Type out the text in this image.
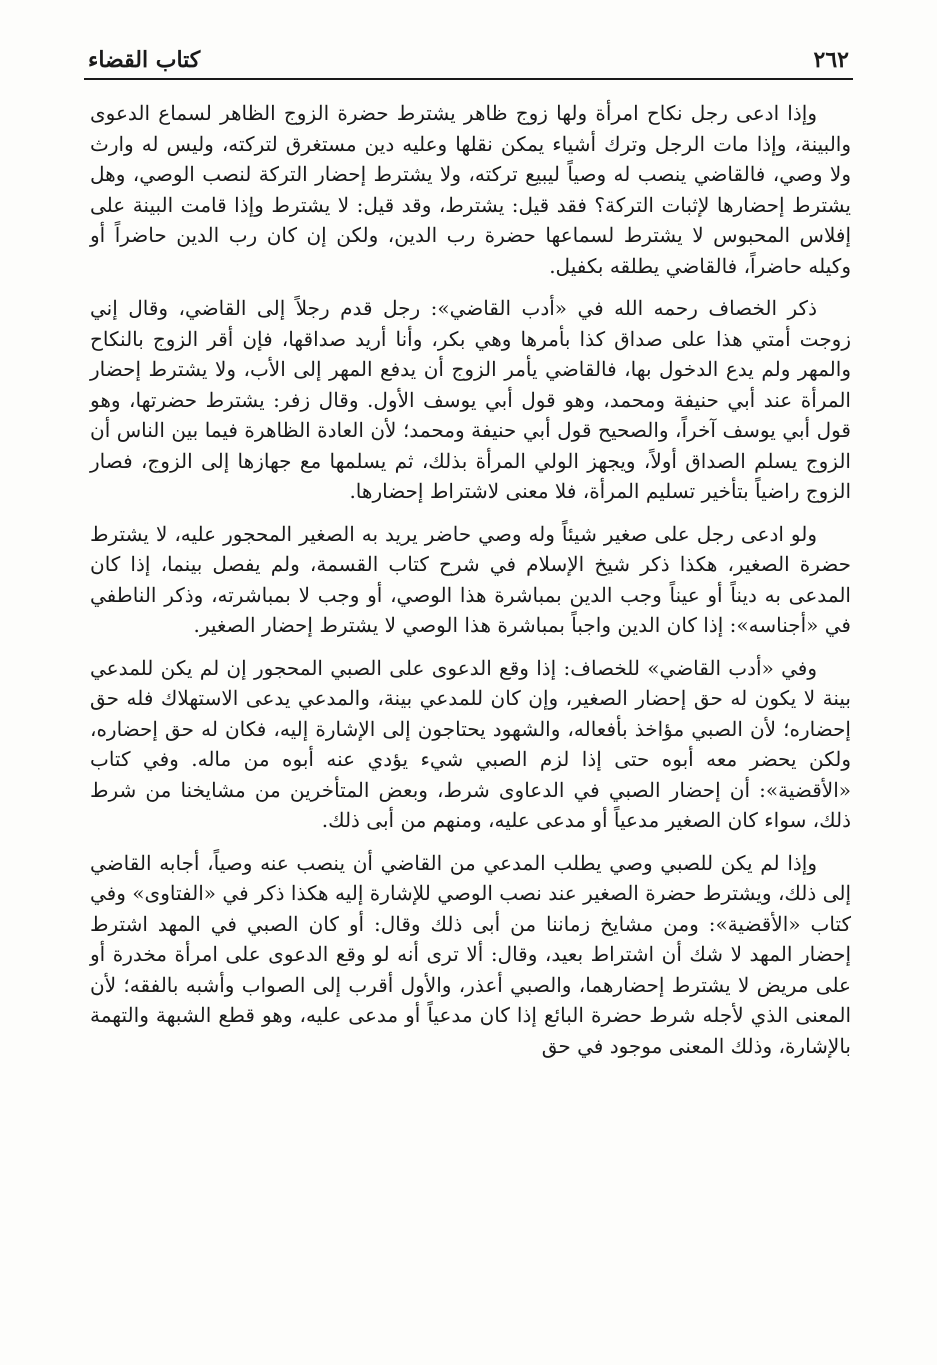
٢٦٢
كتاب القضاء

وإذا ادعى رجل نكاح امرأة ولها زوج ظاهر يشترط حضرة الزوج الظاهر لسماع الدعوى والبينة، وإذا مات الرجل وترك أشياء يمكن نقلها وعليه دين مستغرق لتركته، وليس له وارث ولا وصي، فالقاضي ينصب له وصياً ليبيع تركته، ولا يشترط إحضار التركة لنصب الوصي، وهل يشترط إحضارها لإثبات التركة؟ فقد قيل: يشترط، وقد قيل: لا يشترط وإذا قامت البينة على إفلاس المحبوس لا يشترط لسماعها حضرة رب الدين، ولكن إن كان رب الدين حاضراً أو وكيله حاضراً، فالقاضي يطلقه بكفيل.

ذكر الخصاف رحمه الله في «أدب القاضي»: رجل قدم رجلاً إلى القاضي، وقال إني زوجت أمتي هذا على صداق كذا بأمرها وهي بكر، وأنا أريد صداقها، فإن أقر الزوج بالنكاح والمهر ولم يدع الدخول بها، فالقاضي يأمر الزوج أن يدفع المهر إلى الأب، ولا يشترط إحضار المرأة عند أبي حنيفة ومحمد، وهو قول أبي يوسف الأول. وقال زفر: يشترط حضرتها، وهو قول أبي يوسف آخراً، والصحيح قول أبي حنيفة ومحمد؛ لأن العادة الظاهرة فيما بين الناس أن الزوج يسلم الصداق أولاً، ويجهز الولي المرأة بذلك، ثم يسلمها مع جهازها إلى الزوج، فصار الزوج راضياً بتأخير تسليم المرأة، فلا معنى لاشتراط إحضارها.

ولو ادعى رجل على صغير شيئاً وله وصي حاضر يريد به الصغير المحجور عليه، لا يشترط حضرة الصغير، هكذا ذكر شيخ الإسلام في شرح كتاب القسمة، ولم يفصل بينما، إذا كان المدعى به ديناً أو عيناً وجب الدين بمباشرة هذا الوصي، أو وجب لا بمباشرته، وذكر الناطفي في «أجناسه»: إذا كان الدين واجباً بمباشرة هذا الوصي لا يشترط إحضار الصغير.

وفي «أدب القاضي» للخصاف: إذا وقع الدعوى على الصبي المحجور إن لم يكن للمدعي بينة لا يكون له حق إحضار الصغير، وإن كان للمدعي بينة، والمدعي يدعى الاستهلاك فله حق إحضاره؛ لأن الصبي مؤاخذ بأفعاله، والشهود يحتاجون إلى الإشارة إليه، فكان له حق إحضاره، ولكن يحضر معه أبوه حتى إذا لزم الصبي شيء يؤدي عنه أبوه من ماله. وفي كتاب «الأقضية»: أن إحضار الصبي في الدعاوى شرط، وبعض المتأخرين من مشايخنا من شرط ذلك، سواء كان الصغير مدعياً أو مدعى عليه، ومنهم من أبى ذلك.

وإذا لم يكن للصبي وصي يطلب المدعي من القاضي أن ينصب عنه وصياً، أجابه القاضي إلى ذلك، ويشترط حضرة الصغير عند نصب الوصي للإشارة إليه هكذا ذكر في «الفتاوى» وفي كتاب «الأقضية»: ومن مشايخ زماننا من أبى ذلك وقال: أو كان الصبي في المهد اشترط إحضار المهد لا شك أن اشتراط بعيد، وقال: ألا ترى أنه لو وقع الدعوى على امرأة مخدرة أو على مريض لا يشترط إحضارهما، والصبي أعذر، والأول أقرب إلى الصواب وأشبه بالفقه؛ لأن المعنى الذي لأجله شرط حضرة البائع إذا كان مدعياً أو مدعى عليه، وهو قطع الشبهة والتهمة بالإشارة، وذلك المعنى موجود في حق
